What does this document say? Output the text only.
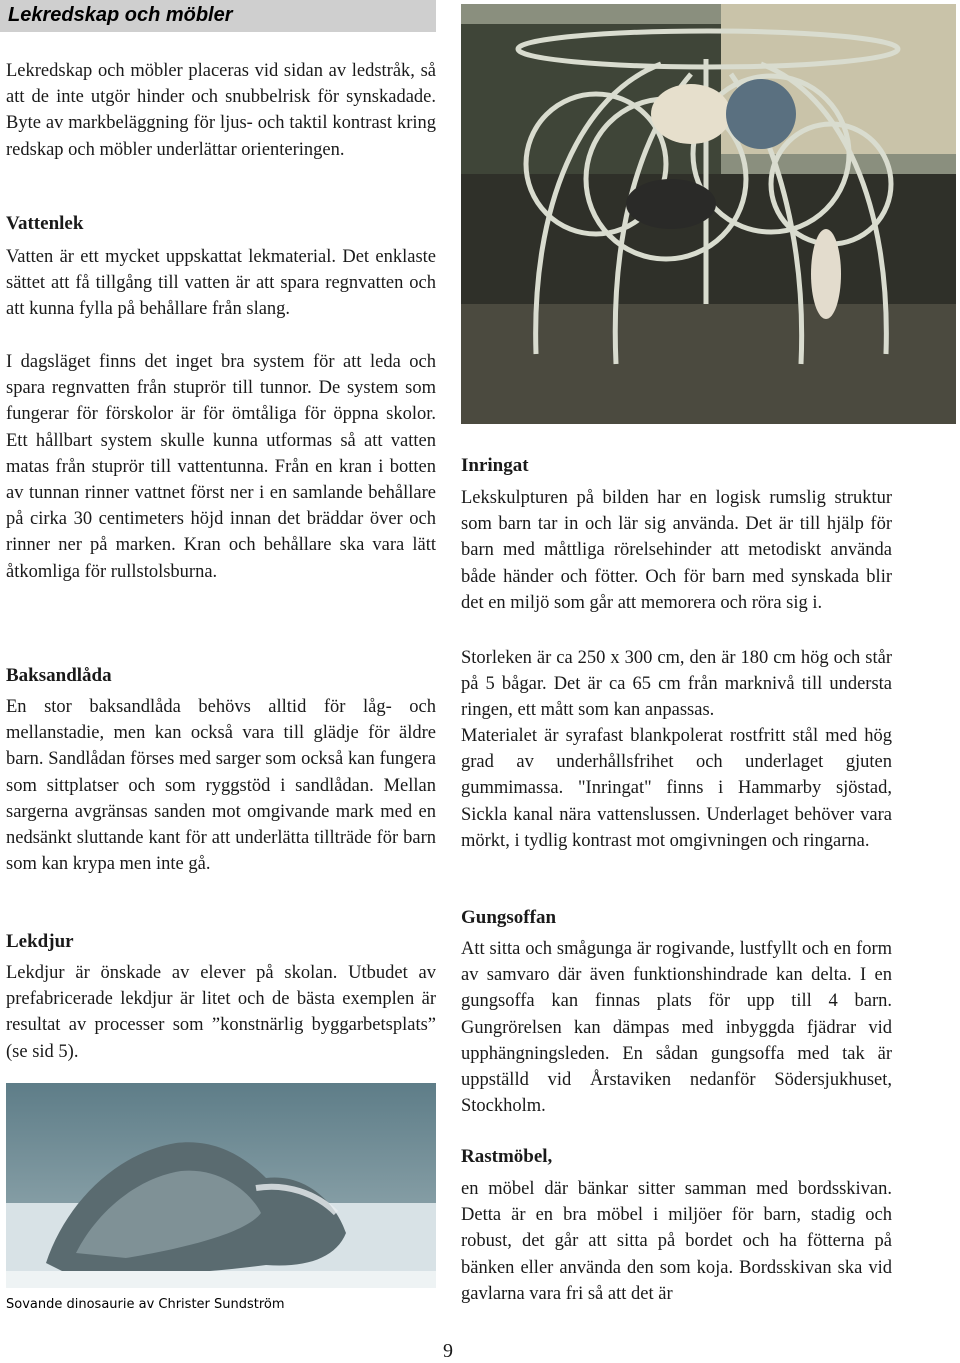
Lekredskap och möbler

Lekredskap och möbler placeras vid sidan av ledstråk, så att de inte utgör hinder och snubbelrisk för synskadade. Byte av markbeläggning för ljus- och taktil kontrast kring redskap och möbler underlättar orienteringen.

Vattenlek

Vatten är ett mycket uppskattat lekmaterial. Det enklaste sättet att få tillgång till vatten är att spara regnvatten och att kunna fylla på behållare från slang.

I dagsläget finns det inget bra system för att leda och spara regnvatten från stuprör till tunnor. De system som fungerar för förskolor är för ömtåliga för öppna skolor. Ett hållbart system skulle kunna utformas så att vatten matas från stuprör till vattentunna. Från en kran i botten av tunnan rinner vattnet först ner i en samlande behållare på cirka 30 centimeters höjd innan det bräddar över och rinner ner på marken. Kran och behållare ska vara lätt åtkomliga för rullstolsburna.

Baksandlåda

En stor baksandlåda behövs alltid för låg- och mellanstadie, men kan också vara till glädje för äldre barn. Sandlådan förses med sarger som också kan fungera som sittplatser och som ryggstöd i sandlådan. Mellan sargerna avgränsas sanden mot omgivande mark med en nedsänkt sluttande kant för att underlätta tillträde för barn som kan krypa men inte gå.

Lekdjur

Lekdjur är önskade av elever på skolan. Utbudet av prefabricerade lekdjur är litet och de bästa exemplen är resultat av processer som ”konstnärlig byggarbetsplats” (se sid 5).

Sovande dinosaurie av Christer Sundström
Inringat

Lekskulpturen på bilden har en logisk rumslig struktur som barn tar in och lär sig använda. Det är till hjälp för barn med måttliga rörelsehinder att metodiskt använda både händer och fötter. Och för barn med synskada blir det en miljö som går att memorera och röra sig i.

Storleken är ca 250 x 300 cm, den är 180 cm hög och står på 5 bågar. Det är ca 65 cm från marknivå till understa ringen, ett mått som kan anpassas.

Materialet är syrafast blankpolerat rostfritt stål med hög grad av underhållsfrihet och underlaget gjuten gummimassa. "Inringat" finns i Hammarby sjöstad, Sickla kanal nära vattenslussen. Underlaget behöver vara mörkt, i tydlig kontrast mot omgivningen och ringarna.

Gungsoffan

Att sitta och smågunga är rogivande, lustfyllt och en form av samvaro där även funktionshindrade kan delta. I en gungsoffa kan finnas plats för upp till 4 barn. Gungrörelsen kan dämpas med inbyggda fjädrar vid upphängningsleden. En sådan gungsoffa med tak är uppställd vid Årstaviken nedanför Södersjukhuset, Stockholm.

Rastmöbel,

en möbel där bänkar sitter samman med bordsskivan. Detta är en bra möbel i miljöer för barn, stadig och robust, det går att sitta på bordet och ha fötterna på bänken eller använda den som koja. Bordsskivan ska vid gavlarna vara fri så att det är

9
